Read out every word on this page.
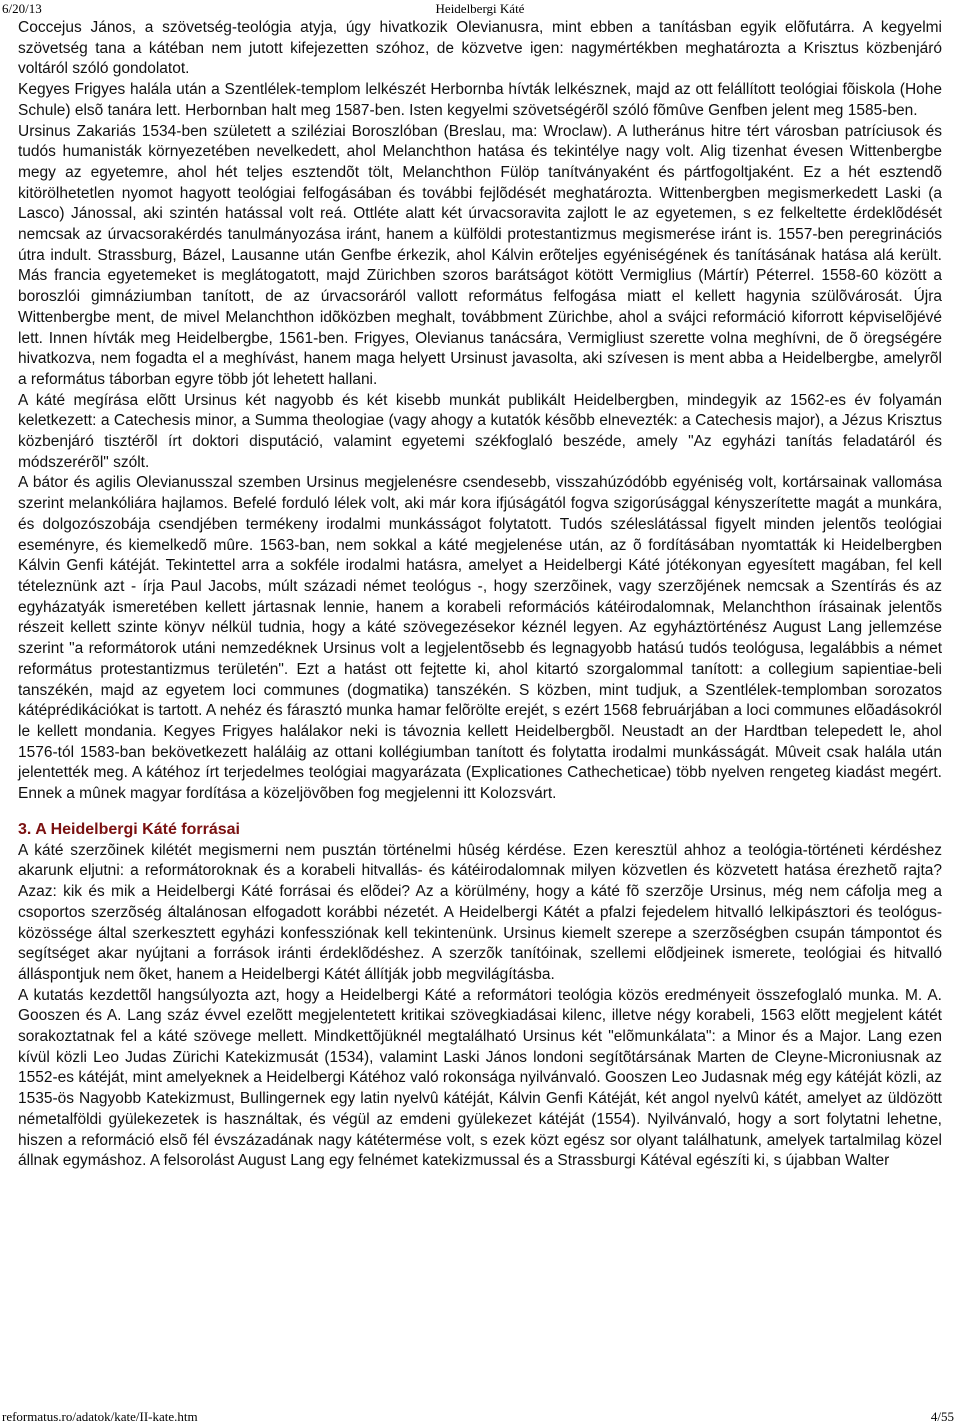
6/20/13	Heidelbergi Káté

Coccejus János, a szövetség-teológia atyja, úgy hivatkozik Olevianusra, mint ebben a tanításban egyik elõfutárra. A kegyelmi szövetség tana a kátéban nem jutott kifejezetten szóhoz, de közvetve igen: nagymértékben meghatározta a Krisztus közbenjáró voltáról szóló gondolatot.

Kegyes Frigyes halála után a Szentlélek-templom lelkészét Herbornba hívták lelkésznek, majd az ott felállított teológiai fõiskola (Hohe Schule) elsõ tanára lett. Herbornban halt meg 1587-ben. Isten kegyelmi szövetségérõl szóló fõmûve Genfben jelent meg 1585-ben.

Ursinus Zakariás 1534-ben született a sziléziai Boroszlóban (Breslau, ma: Wroclaw). A lutheránus hitre tért városban patríciusok és tudós humanisták környezetében nevelkedett, ahol Melanchthon hatása és tekintélye nagy volt. Alig tizenhat évesen Wittenbergbe megy az egyetemre, ahol hét teljes esztendõt tölt, Melanchthon Fülöp tanítványaként és pártfogoltjaként. Ez a hét esztendõ kitörölhetetlen nyomot hagyott teológiai felfogásában és további fejlõdését meghatározta. Wittenbergben megismerkedett Laski (a Lasco) Jánossal, aki szintén hatással volt reá. Ottléte alatt két úrvacsoravita zajlott le az egyetemen, s ez felkeltette érdeklõdését nemcsak az úrvacsorakérdés tanulmányozása iránt, hanem a külföldi protestantizmus megismerése iránt is. 1557-ben peregrinációs útra indult. Strassburg, Bázel, Lausanne után Genfbe érkezik, ahol Kálvin erõteljes egyéniségének és tanításának hatása alá került. Más francia egyetemeket is meglátogatott, majd Zürichben szoros barátságot kötött Vermiglius (Mártír) Péterrel. 1558-60 között a boroszlói gimnáziumban tanított, de az úrvacsoráról vallott református felfogása miatt el kellett hagynia szülõvárosát. Újra Wittenbergbe ment, de mivel Melanchthon idõközben meghalt, továbbment Zürichbe, ahol a svájci reformáció kiforrott képviselõjévé lett. Innen hívták meg Heidelbergbe, 1561-ben. Frigyes, Olevianus tanácsára, Vermigliust szerette volna meghívni, de õ öregségére hivatkozva, nem fogadta el a meghívást, hanem maga helyett Ursinust javasolta, aki szívesen is ment abba a Heidelbergbe, amelyrõl a református táborban egyre több jót lehetett hallani.

A káté megírása elõtt Ursinus két nagyobb és két kisebb munkát publikált Heidelbergben, mindegyik az 1562-es év folyamán keletkezett: a Catechesis minor, a Summa theologiae (vagy ahogy a kutatók késõbb elnevezték: a Catechesis major), a Jézus Krisztus közbenjáró tisztérõl írt doktori disputáció, valamint egyetemi székfoglaló beszéde, amely "Az egyházi tanítás feladatáról és módszerérõl" szólt.

A bátor és agilis Olevianusszal szemben Ursinus megjelenésre csendesebb, visszahúzódóbb egyéniség volt, kortársainak vallomása szerint melankóliára hajlamos. Befelé forduló lélek volt, aki már kora ifjúságától fogva szigorúsággal kényszerítette magát a munkára, és dolgozószobája csendjében termékeny irodalmi munkásságot folytatott. Tudós széleslátással figyelt minden jelentõs teológiai eseményre, és kiemelkedõ mûre. 1563-ban, nem sokkal a káté megjelenése után, az õ fordításában nyomtatták ki Heidelbergben Kálvin Genfi kátéját. Tekintettel arra a sokféle irodalmi hatásra, amelyet a Heidelbergi Káté jótékonyan egyesített magában, fel kell tételeznünk azt - írja Paul Jacobs, múlt századi német teológus -, hogy szerzõinek, vagy szerzõjének nemcsak a Szentírás és az egyházatyák ismeretében kellett jártasnak lennie, hanem a korabeli reformációs kátéirodalomnak, Melanchthon írásainak jelentõs részeit kellett szinte könyv nélkül tudnia, hogy a káté szövegezésekor kéznél legyen. Az egyháztörténész August Lang jellemzése szerint "a reformátorok utáni nemzedéknek Ursinus volt a legjelentõsebb és legnagyobb hatású tudós teológusa, legalábbis a német református protestantizmus területén". Ezt a hatást ott fejtette ki, ahol kitartó szorgalommal tanított: a collegium sapientiae-beli tanszékén, majd az egyetem loci communes (dogmatika) tanszékén. S közben, mint tudjuk, a Szentlélek-templomban sorozatos kátéprédikációkat is tartott. A nehéz és fárasztó munka hamar felõrölte erejét, s ezért 1568 februárjában a loci communes elõadásokról le kellett mondania. Kegyes Frigyes halálakor neki is távoznia kellett Heidelbergbõl. Neustadt an der Hardtban telepedett le, ahol 1576-tól 1583-ban bekövetkezett haláláig az ottani kollégiumban tanított és folytatta irodalmi munkásságát. Mûveit csak halála után jelentették meg. A kátéhoz írt terjedelmes teológiai magyarázata (Explicationes Cathecheticae) több nyelven rengeteg kiadást megért. Ennek a mûnek magyar fordítása a közeljövõben fog megjelenni itt Kolozsvárt.

3. A Heidelbergi Káté forrásai

A káté szerzõinek kilétét megismerni nem pusztán történelmi hûség kérdése. Ezen keresztül ahhoz a teológia-történeti kérdéshez akarunk eljutni: a reformátoroknak és a korabeli hitvallás- és kátéirodalomnak milyen közvetlen és közvetett hatása érezhetõ rajta? Azaz: kik és mik a Heidelbergi Káté forrásai és elõdei? Az a körülmény, hogy a káté fõ szerzõje Ursinus, még nem cáfolja meg a csoportos szerzõség általánosan elfogadott korábbi nézetét. A Heidelbergi Kátét a pfalzi fejedelem hitvalló lelkipásztori és teológus-közössége által szerkesztett egyházi konfessziónak kell tekintenünk. Ursinus kiemelt szerepe a szerzõségben csupán támpontot és segítséget akar nyújtani a források iránti érdeklõdéshez. A szerzõk tanítóinak, szellemi elõdjeinek ismerete, teológiai és hitvalló álláspontjuk nem õket, hanem a Heidelbergi Kátét állítják jobb megvilágításba.

A kutatás kezdettõl hangsúlyozta azt, hogy a Heidelbergi Káté a reformátori teológia közös eredményeit összefoglaló munka. M. A. Gooszen és A. Lang száz évvel ezelõtt megjelentetett kritikai szövegkiadásai kilenc, illetve négy korabeli, 1563 elõtt megjelent kátét sorakoztatnak fel a káté szövege mellett. Mindkettõjüknél megtalálható Ursinus két "elõmunkálata": a Minor és a Major. Lang ezen kívül közli Leo Judas Zürichi Katekizmusát (1534), valamint Laski János londoni segítõtársának Marten de Cleyne-Microniusnak az 1552-es kátéját, mint amelyeknek a Heidelbergi Kátéhoz való rokonsága nyilvánvaló. Gooszen Leo Judasnak még egy kátéját közli, az 1535-ös Nagyobb Katekizmust, Bullingernek egy latin nyelvû kátéját, Kálvin Genfi Kátéját, két angol nyelvû kátét, amelyet az üldözött németalföldi gyülekezetek is használtak, és végül az emdeni gyülekezet kátéját (1554). Nyilvánvaló, hogy a sort folytatni lehetne, hiszen a reformáció elsõ fél évszázadának nagy kátétermése volt, s ezek közt egész sor olyant találhatunk, amelyek tartalmilag közel állnak egymáshoz. A felsorolást August Lang egy felnémet katekizmussal és a Strassburgi Kátéval egészíti ki, s újabban Walter

reformatus.ro/adatok/kate/II-kate.htm	4/55
